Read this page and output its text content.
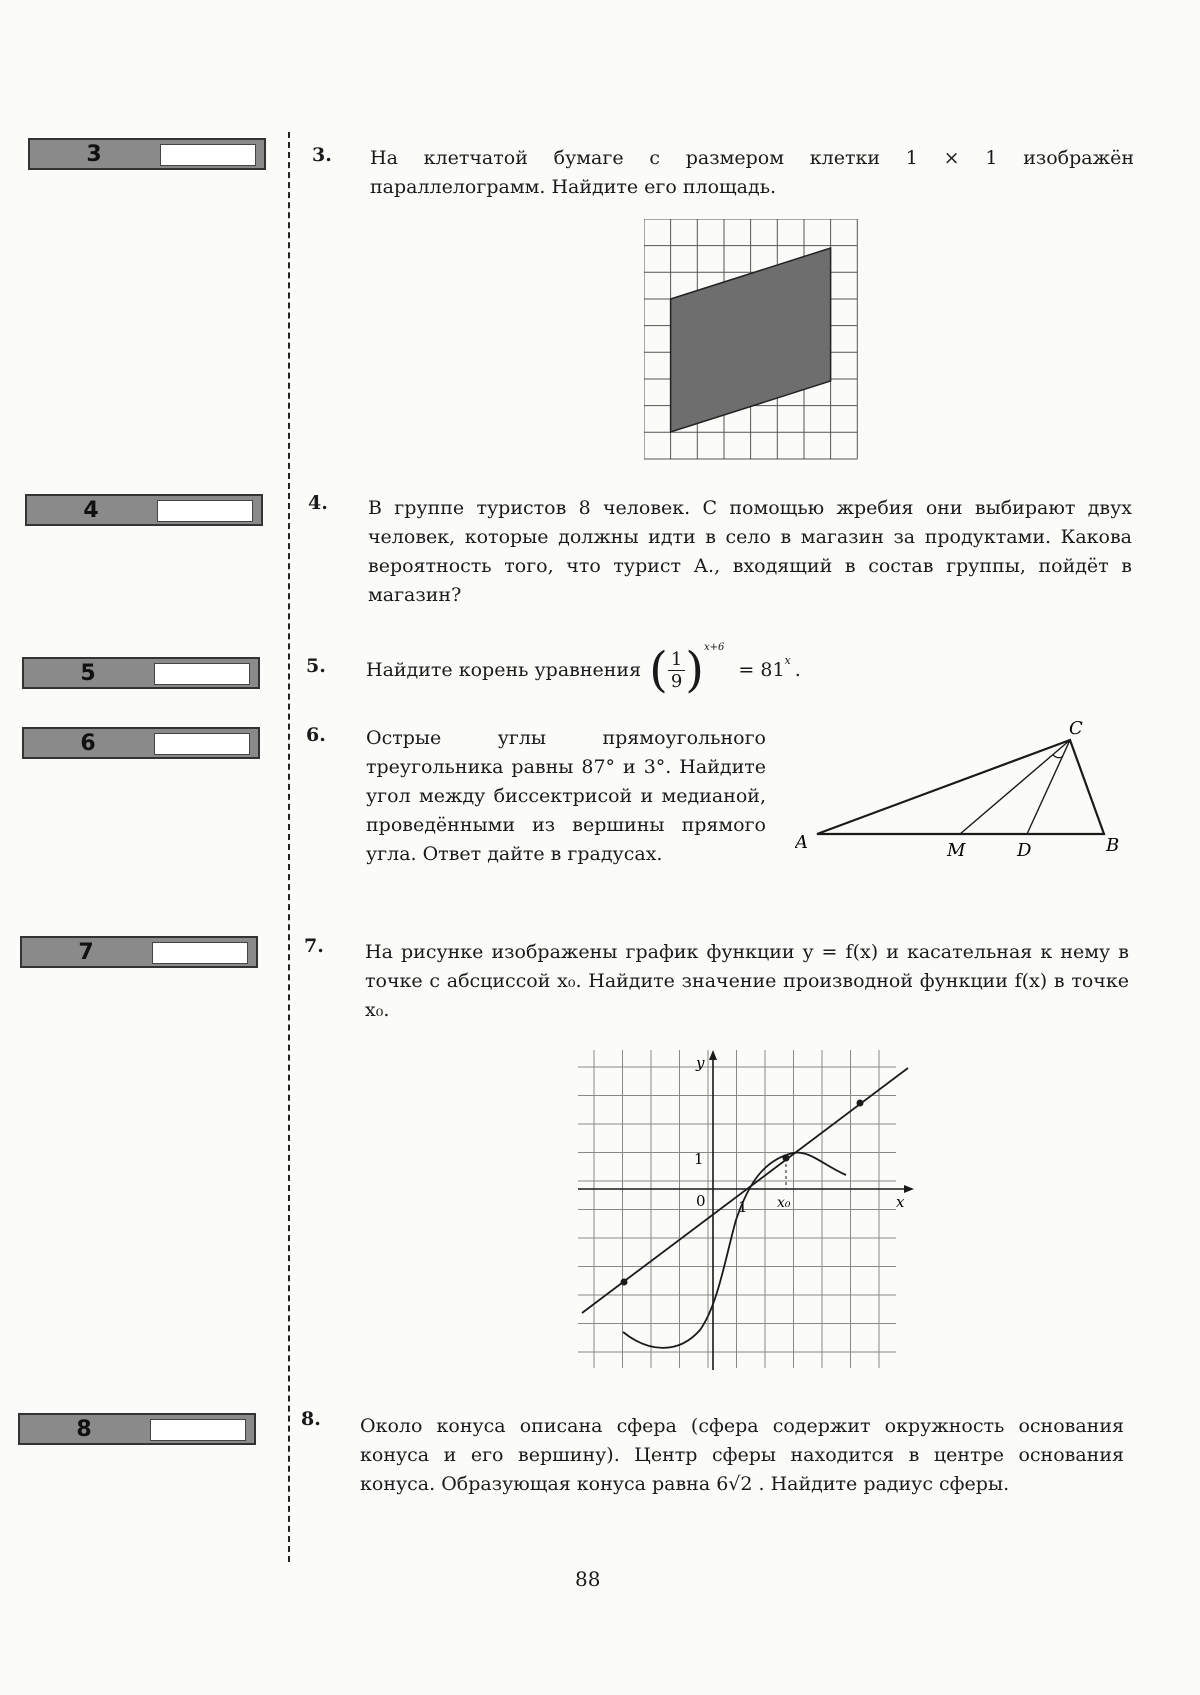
3
4
5
6
7
8
3. На клетчатой бумаге с размером клетки 1 × 1 изображён параллелограмм. Найдите его площадь.
4. В группе туристов 8 человек. С помощью жребия они выбирают двух человек, которые должны идти в село в магазин за продуктами. Какова вероятность того, что турист А., входящий в состав группы, пойдёт в магазин?
5. Найдите корень уравнения ( $\frac{1}{9}$ ) x+6
= 81 x .
6. Острые углы прямоугольного треугольника равны 87° и 3°. Найдите угол между биссектрисой и медианой, проведёнными из вершины прямого угла. Ответ дайте в градусах.
A	B
C
M	D
7. На рисунке изображены график функции y = f(x) и касательная к нему в точке с абсциссой x₀. Найдите значение производной функции f(x) в точке x₀.
y
x
0 1
1
x₀
8. Около конуса описана сфера (сфера содержит окружность основания конуса и его вершину). Центр сферы находится в центре основания конуса. Образующая конуса равна 6√2 . Найдите радиус сферы.
88
